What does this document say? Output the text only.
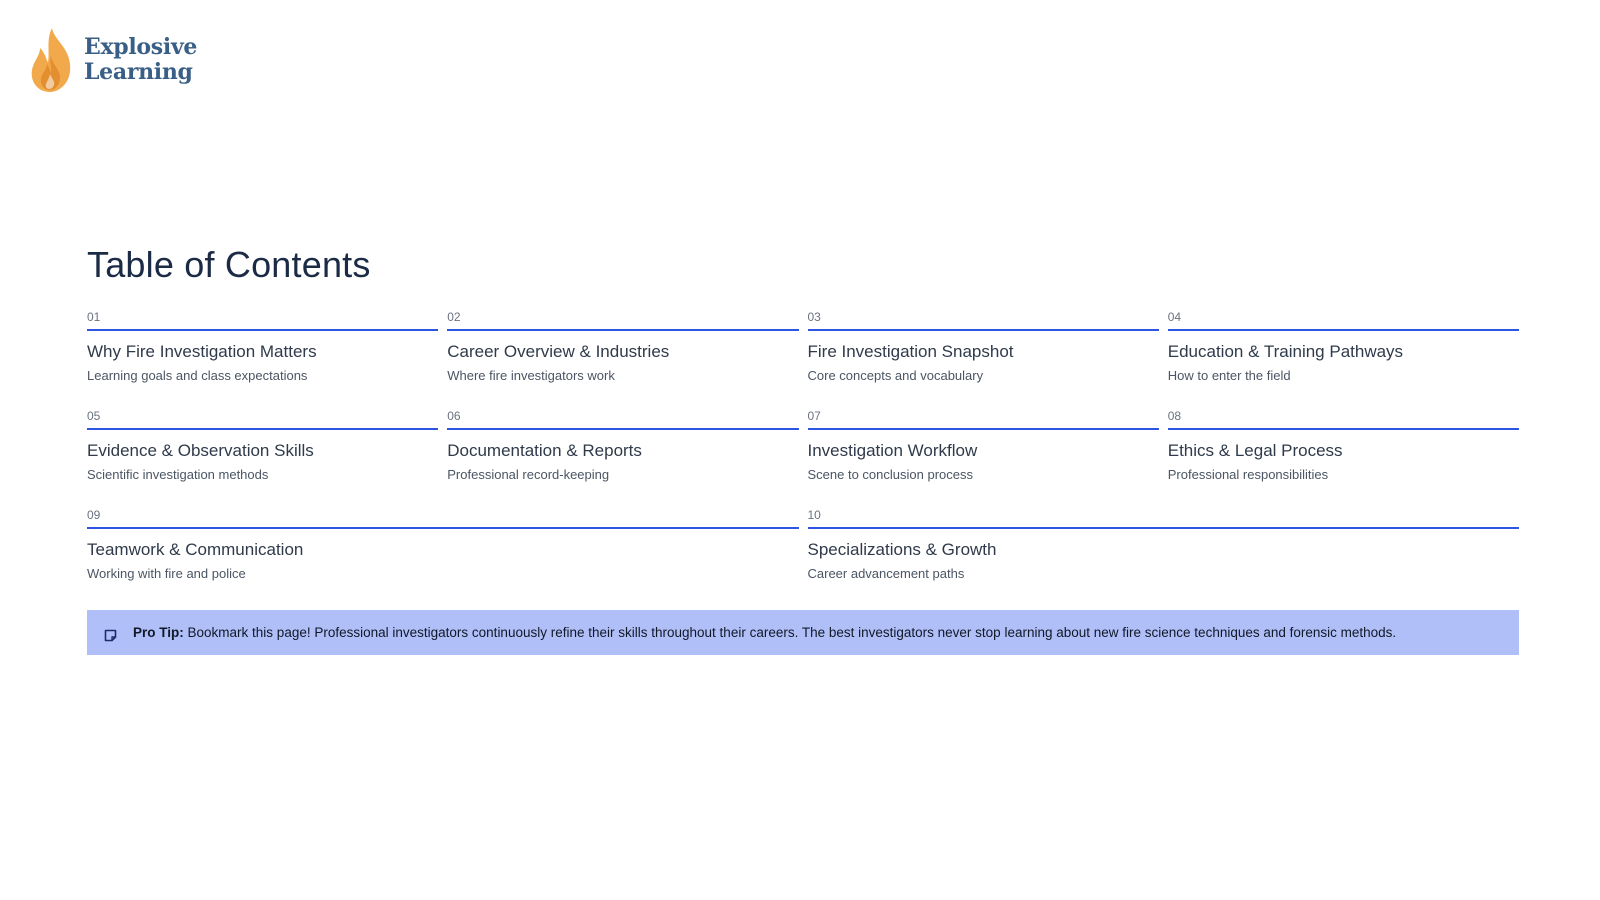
Explosive
Learning
Table of Contents
01
Why Fire Investigation Matters
Learning goals and class expectations
02
Career Overview & Industries
Where fire investigators work
03
Fire Investigation Snapshot
Core concepts and vocabulary
04
Education & Training Pathways
How to enter the field
05
Evidence & Observation Skills
Scientific investigation methods
06
Documentation & Reports
Professional record-keeping
07
Investigation Workflow
Scene to conclusion process
08
Ethics & Legal Process
Professional responsibilities
09
Teamwork & Communication
Working with fire and police
10
Specializations & Growth
Career advancement paths
Pro Tip: Bookmark this page! Professional investigators continuously refine their skills throughout their careers. The best investigators never stop learning about new fire science techniques and forensic methods.
